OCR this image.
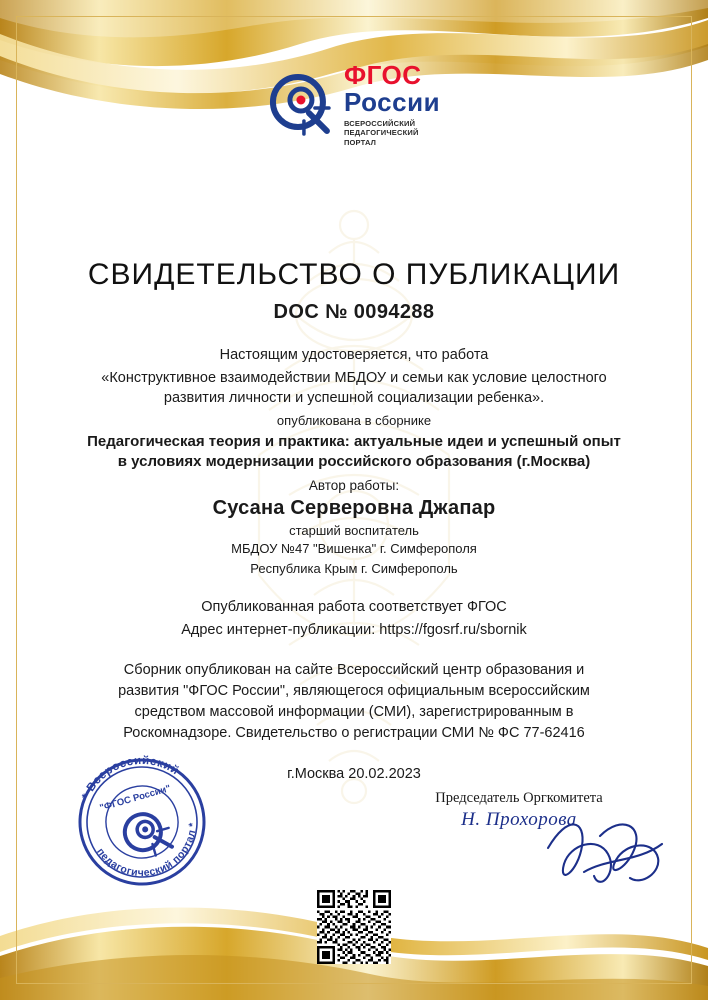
ФГОС
России
ВСЕРОССИЙСКИЙ
ПЕДАГОГИЧЕСКИЙ
ПОРТАЛ
СВИДЕТЕЛЬСТВО О ПУБЛИКАЦИИ
DOC № 0094288
Настоящим удостоверяется, что работа
«Конструктивное взаимодействии МБДОУ и семьи как условие целостного развития личности и успешной социализации ребенка».
опубликована в сборнике
Педагогическая теория и практика: актуальные идеи и успешный опыт в условиях модернизации российского образования (г.Москва)
Автор работы:
Сусана Серверовна Джапар
старший воспитатель
МБДОУ №47 "Вишенка" г. Симферополя
Республика Крым г. Симферополь
Опубликованная работа соответствует ФГОС
Адрес интернет-публикации: https://fgosrf.ru/sbornik
Сборник опубликован на сайте Всероссийский центр образования и развития "ФГОС России", являющегося официальным всероссийским средством массовой информации (СМИ), зарегистрированным в Роскомнадзоре. Свидетельство о регистрации СМИ № ФС 77-62416
г.Москва 20.02.2023
Председатель Оргкомитета
Н. Прохорова
* Всероссийский
педагогический портал *
"ФГОС России"
